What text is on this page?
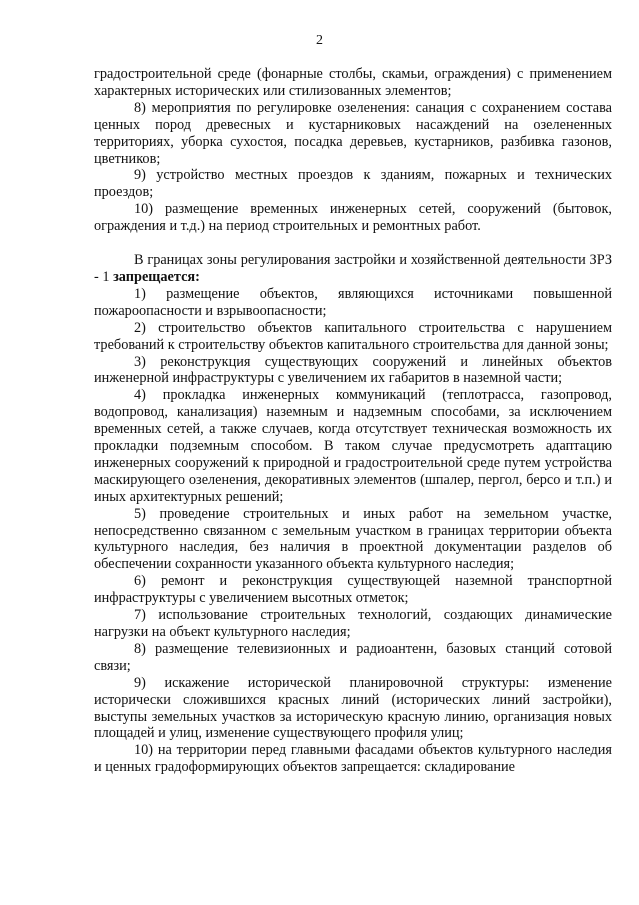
2

градостроительной среде (фонарные столбы, скамьи, ограждения) с применением характерных исторических или стилизованных элементов;

8) мероприятия по регулировке озеленения: санация с сохранением состава ценных пород древесных и кустарниковых насаждений на озелененных территориях, уборка сухостоя, посадка деревьев, кустарников, разбивка газонов, цветников;

9) устройство местных проездов к зданиям, пожарных и технических проездов;

10) размещение временных инженерных сетей, сооружений (бытовок, ограждения и т.д.) на период строительных и ремонтных работ.

В границах зоны регулирования застройки и хозяйственной деятельности ЗРЗ - 1 запрещается:

1) размещение объектов, являющихся источниками повышенной пожароопасности и взрывоопасности;

2) строительство объектов капитального строительства с нарушением требований к строительству объектов капитального строительства для данной зоны;

3) реконструкция существующих сооружений и линейных объектов инженерной инфраструктуры с увеличением их габаритов в наземной части;

4) прокладка инженерных коммуникаций (теплотрасса, газопровод, водопровод, канализация) наземным и надземным способами, за исключением временных сетей, а также случаев, когда отсутствует техническая возможность их прокладки подземным способом. В таком случае предусмотреть адаптацию инженерных сооружений к природной и градостроительной среде путем устройства маскирующего озеленения, декоративных элементов (шпалер, пергол, берсо и т.п.) и иных архитектурных решений;

5) проведение строительных и иных работ на земельном участке, непосредственно связанном с земельным участком в границах территории объекта культурного наследия, без наличия в проектной документации разделов об обеспечении сохранности указанного объекта культурного наследия;

6) ремонт и реконструкция существующей наземной транспортной инфраструктуры с увеличением высотных отметок;

7) использование строительных технологий, создающих динамические нагрузки на объект культурного наследия;

8) размещение телевизионных и радиоантенн, базовых станций сотовой связи;

9) искажение исторической планировочной структуры: изменение исторически сложившихся красных линий (исторических линий застройки), выступы земельных участков за историческую красную линию, организация новых площадей и улиц, изменение существующего профиля улиц;

10) на территории перед главными фасадами объектов культурного наследия и ценных градоформирующих объектов запрещается: складирование
